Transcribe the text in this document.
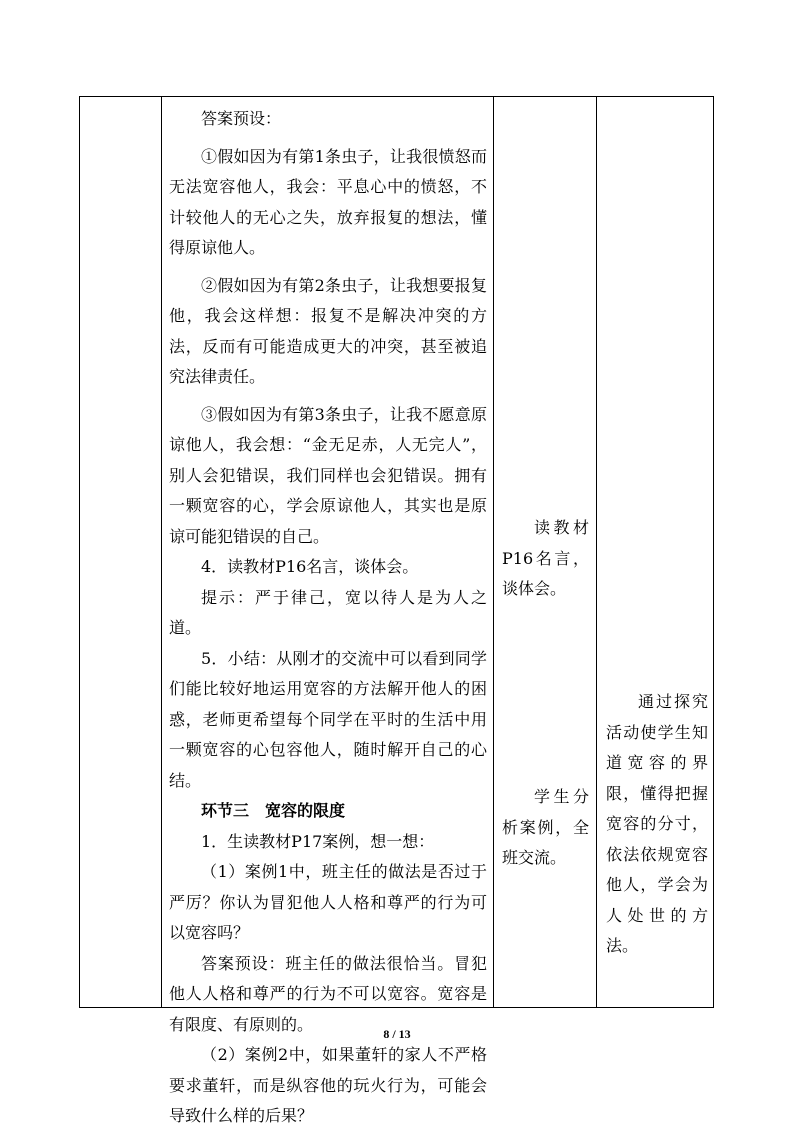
答案预设：

①假如因为有第1条虫子，让我很愤怒而无法宽容他人，我会：平息心中的愤怒，不计较他人的无心之失，放弃报复的想法，懂得原谅他人。

②假如因为有第2条虫子，让我想要报复他，我会这样想：报复不是解决冲突的方法，反而有可能造成更大的冲突，甚至被追究法律责任。

③假如因为有第3条虫子，让我不愿意原谅他人，我会想：“金无足赤，人无完人”，别人会犯错误，我们同样也会犯错误。拥有一颗宽容的心，学会原谅他人，其实也是原谅可能犯错误的自己。

4．读教材P16名言，谈体会。

提示：严于律己，宽以待人是为人之道。

5．小结：从刚才的交流中可以看到同学们能比较好地运用宽容的方法解开他人的困惑，老师更希望每个同学在平时的生活中用一颗宽容的心包容他人，随时解开自己的心结。

环节三　宽容的限度

1．生读教材P17案例，想一想：

（1）案例1中，班主任的做法是否过于严厉？你认为冒犯他人人格和尊严的行为可以宽容吗？

答案预设：班主任的做法很恰当。冒犯他人人格和尊严的行为不可以宽容。宽容是有限度、有原则的。

（2）案例2中，如果董轩的家人不严格要求董轩，而是纵容他的玩火行为，可能会导致什么样的后果？

读教材P16名言，谈体会。

学生分析案例，全班交流。

通过探究活动使学生知道宽容的界限，懂得把握宽容的分寸，依法依规宽容他人，学会为人处世的方法。

8 / 13
